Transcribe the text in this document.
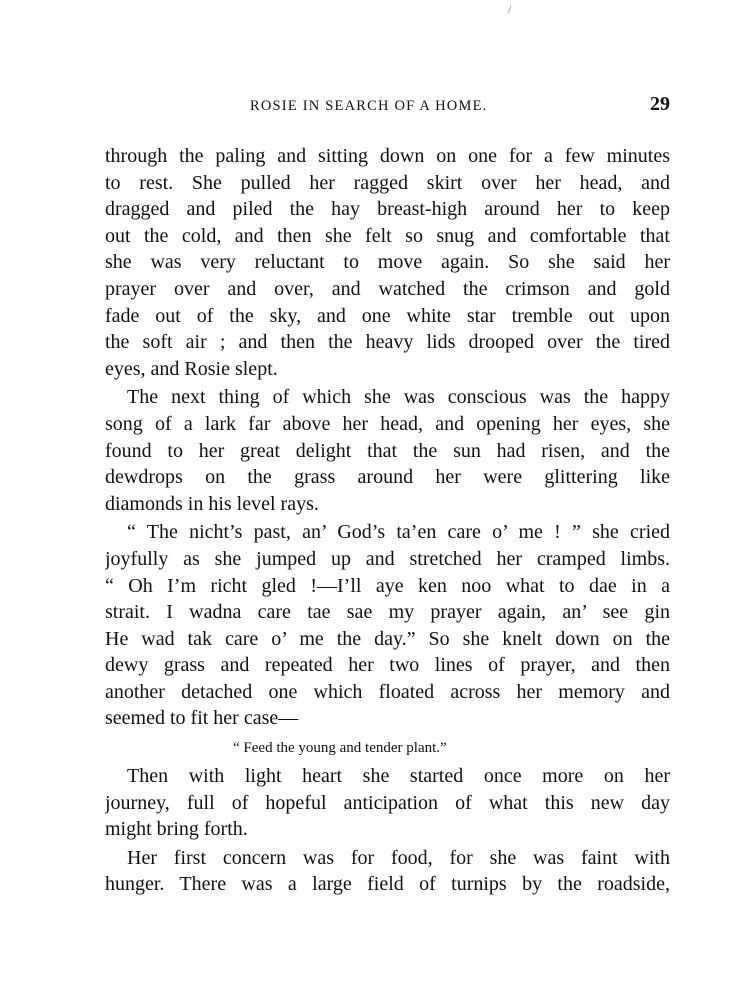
/
ROSIE IN SEARCH OF A HOME.	29
through the paling and sitting down on one for a few minutes
to rest. She pulled her ragged skirt over her head, and
dragged and piled the hay breast-high around her to keep
out the cold, and then she felt so snug and comfortable that
she was very reluctant to move again. So she said her
prayer over and over, and watched the crimson and gold
fade out of the sky, and one white star tremble out upon
the soft air ; and then the heavy lids drooped over the tired
eyes, and Rosie slept.
The next thing of which she was conscious was the happy
song of a lark far above her head, and opening her eyes, she
found to her great delight that the sun had risen, and the
dewdrops on the grass around her were glittering like
diamonds in his level rays.
“ The nicht’s past, an’ God’s ta’en care o’ me ! ” she cried
joyfully as she jumped up and stretched her cramped limbs.
“ Oh I’m richt gled !—I’ll aye ken noo what to dae in a
strait. I wadna care tae sae my prayer again, an’ see gin
He wad tak care o’ me the day.” So she knelt down on the
dewy grass and repeated her two lines of prayer, and then
another detached one which floated across her memory and
seemed to fit her case—
“ Feed the young and tender plant.”
Then with light heart she started once more on her
journey, full of hopeful anticipation of what this new day
might bring forth.
Her first concern was for food, for she was faint with
hunger. There was a large field of turnips by the roadside,
